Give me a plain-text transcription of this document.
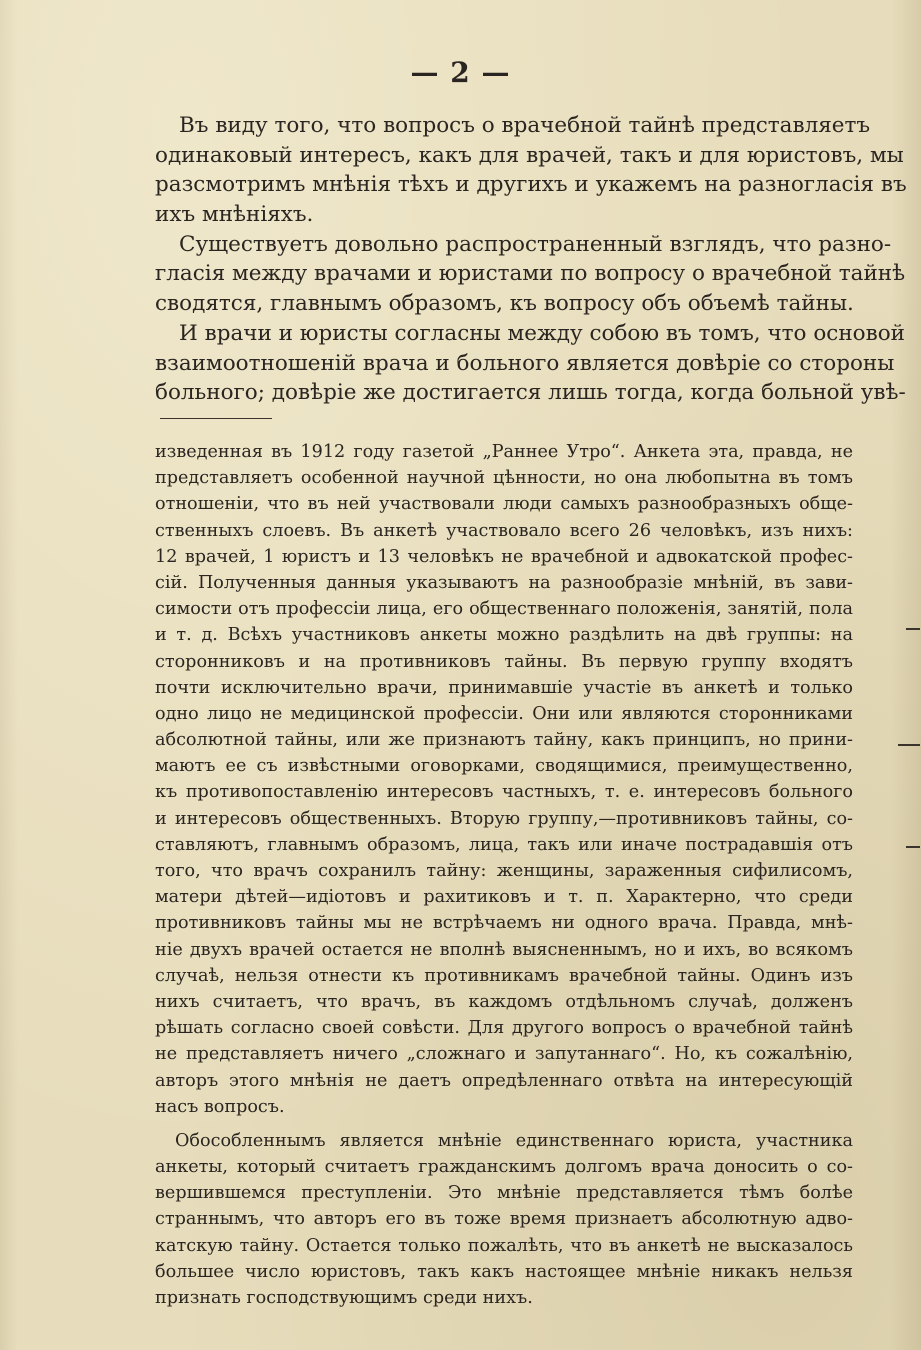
— 2 —
Въ виду того, что вопросъ о врачебной тайнѣ представляетъ
одинаковый интересъ, какъ для врачей, такъ и для юристовъ, мы
разсмотримъ мнѣнія тѣхъ и другихъ и укажемъ на разногласія въ
ихъ мнѣніяхъ.
Существуетъ довольно распространенный взглядъ, что разно-
гласія между врачами и юристами по вопросу о врачебной тайнѣ
сводятся, главнымъ образомъ, къ вопросу объ объемѣ тайны.
И врачи и юристы согласны между собою въ томъ, что основой
взаимоотношеній врача и больного является довѣріе со стороны
больного; довѣріе же достигается лишь тогда, когда больной увѣ-
изведенная въ 1912 году газетой „Раннее Утро“. Анкета эта, правда, не
представляетъ особенной научной цѣнности, но она любопытна въ томъ
отношеніи, что въ ней участвовали люди самыхъ разнообразныхъ обще-
ственныхъ слоевъ. Въ анкетѣ участвовало всего 26 человѣкъ, изъ нихъ:
12 врачей, 1 юристъ и 13 человѣкъ не врачебной и адвокатской профес-
сій. Полученныя данныя указываютъ на разнообразіе мнѣній, въ зави-
симости отъ профессіи лица, его общественнаго положенія, занятій, пола
и т. д. Всѣхъ участниковъ анкеты можно раздѣлить на двѣ группы: на
сторонниковъ и на противниковъ тайны. Въ первую группу входятъ
почти исключительно врачи, принимавшіе участіе въ анкетѣ и только
одно лицо не медицинской профессіи. Они или являются сторонниками
абсолютной тайны, или же признаютъ тайну, какъ принципъ, но прини-
маютъ ее съ извѣстными оговорками, сводящимися, преимущественно,
къ противопоставленію интересовъ частныхъ, т. е. интересовъ больного
и интересовъ общественныхъ. Вторую группу,—противниковъ тайны, со-
ставляютъ, главнымъ образомъ, лица, такъ или иначе пострадавшія отъ
того, что врачъ сохранилъ тайну: женщины, зараженныя сифилисомъ,
матери дѣтей—идіотовъ и рахитиковъ и т. п. Характерно, что среди
противниковъ тайны мы не встрѣчаемъ ни одного врача. Правда, мнѣ-
ніе двухъ врачей остается не вполнѣ выясненнымъ, но и ихъ, во всякомъ
случаѣ, нельзя отнести къ противникамъ врачебной тайны. Одинъ изъ
нихъ считаетъ, что врачъ, въ каждомъ отдѣльномъ случаѣ, долженъ
рѣшать согласно своей совѣсти. Для другого вопросъ о врачебной тайнѣ
не представляетъ ничего „сложнаго и запутаннаго“. Но, къ сожалѣнію,
авторъ этого мнѣнія не даетъ опредѣленнаго отвѣта на интересующій
насъ вопросъ.
Обособленнымъ является мнѣніе единственнаго юриста, участника
анкеты, который считаетъ гражданскимъ долгомъ врача доносить о со-
вершившемся преступленіи. Это мнѣніе представляется тѣмъ болѣе
страннымъ, что авторъ его въ тоже время признаетъ абсолютную адво-
катскую тайну. Остается только пожалѣть, что въ анкетѣ не высказалось
большее число юристовъ, такъ какъ настоящее мнѣніе никакъ нельзя
признать господствующимъ среди нихъ.
